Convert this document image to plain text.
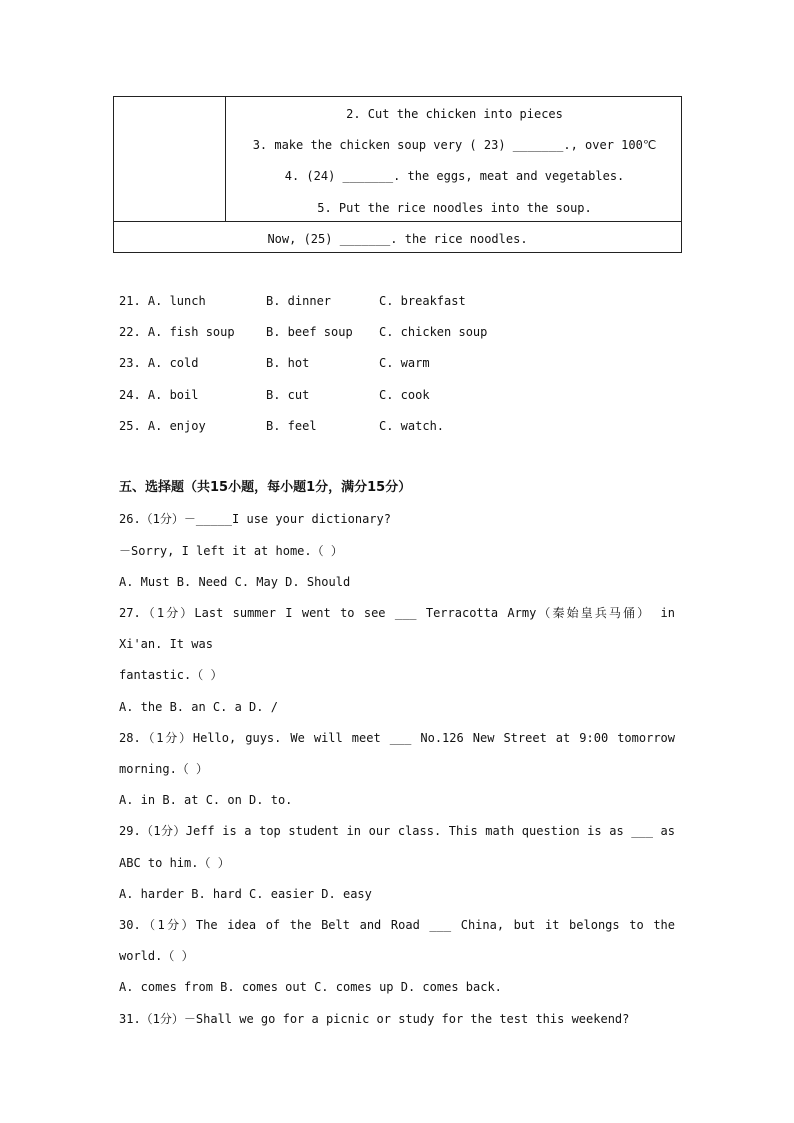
2. Cut the chicken into pieces
3. make the chicken soup very ( 23) _______., over 100℃
4. (24) _______. the eggs, meat and vegetables.
5. Put the rice noodles into the soup.
Now, (25) _______. the rice noodles.
21. A. lunch	B. dinner	C. breakfast
22. A. fish soup	B. beef soup C. chicken soup
23. A. cold	B. hot	C. warm
24. A. boil	B. cut	C. cook
25. A. enjoy	B. feel	C. watch.
五、选择题（共15小题，每小题1分，满分15分）
26.（1分）－_____I use your dictionary?
－Sorry, I left it at home.（ ）
A. Must B. Need C. May D. Should
27.（1分）Last summer I went to see ___ Terracotta Army（秦始皇兵马俑） in
Xi'an. It was
fantastic.（ ）
A. the B. an C. a D. /
28.（1分）Hello, guys. We will meet ___ No.126 New Street at 9:00 tomorrow
morning.（ ）
A. in B. at C. on D. to.
29.（1分）Jeff is a top student in our class. This math question is as ___ as
ABC to him.（ ）
A. harder B. hard C. easier D. easy
30.（1分）The idea of the Belt and Road ___ China, but it belongs to the
world.（ ）
A. comes from B. comes out C. comes up D. comes back.
31.（1分）－Shall we go for a picnic or study for the test this weekend?
